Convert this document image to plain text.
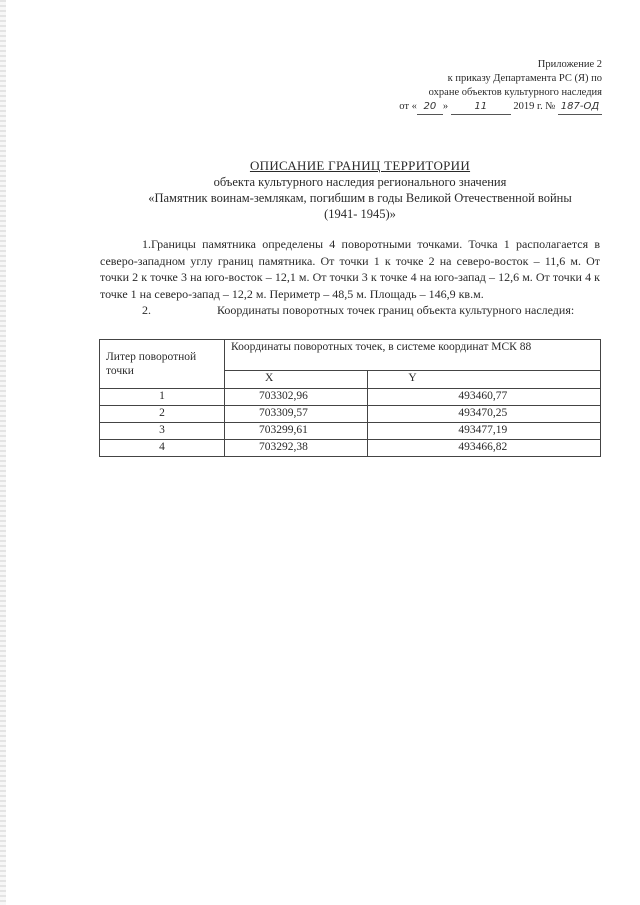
Приложение 2
к приказу Департамента РС (Я) по
охране объектов культурного наследия
от « 20 »	11	2019 г. № 187-ОД
ОПИСАНИЕ ГРАНИЦ ТЕРРИТОРИИ
объекта культурного наследия регионального значения
«Памятник воинам-землякам, погибшим в годы Великой Отечественной войны
(1941- 1945)»

1.Границы памятника определены 4 поворотными точками. Точка 1 располагается в северо-западном углу границ памятника. От точки 1 к точке 2 на северо-восток – 11,6 м. От точки 2 к точке 3 на юго-восток – 12,1 м. От точки 3 к точке 4 на юго-запад – 12,6 м. От точки 4 к точке 1 на северо-запад – 12,2 м. Периметр – 48,5 м. Площадь – 146,9 кв.м.

2.	Координаты поворотных точек границ объекта культурного наследия:

Литер поворотной точки	Координаты поворотных точек, в системе координат МСК 88	
	X	Y
1	703302,96	493460,77
2	703309,57	493470,25
3	703299,61	493477,19
4	703292,38	493466,82
